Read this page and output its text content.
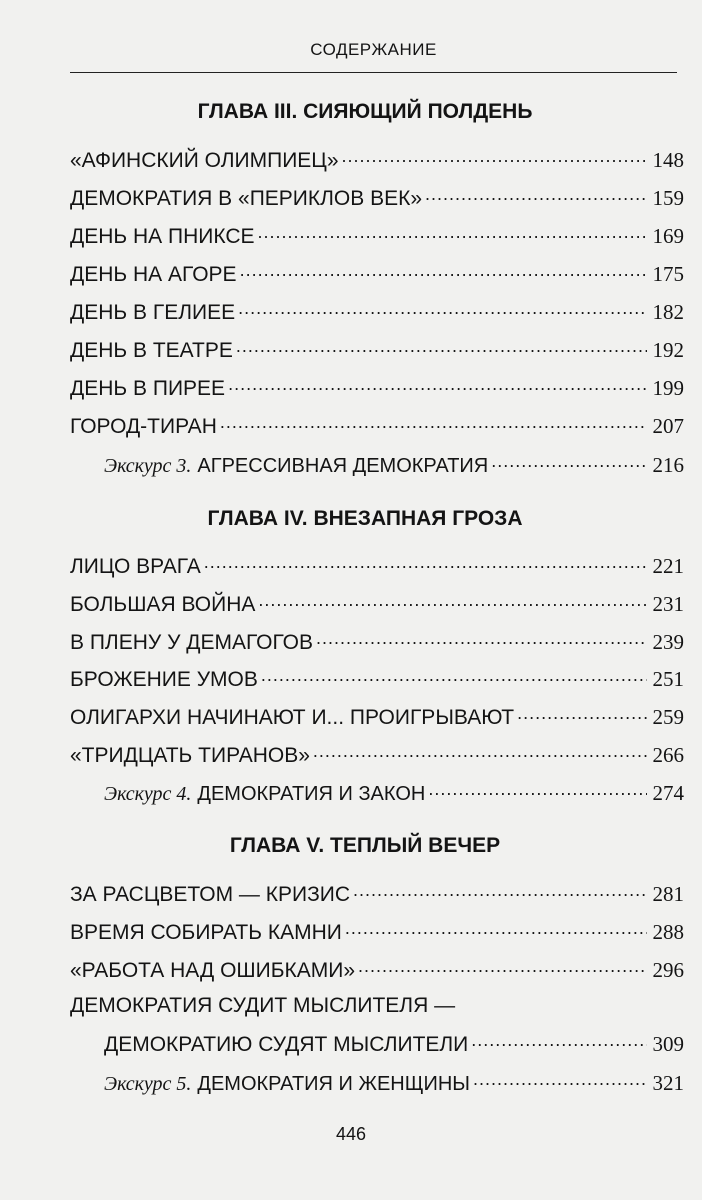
СОДЕРЖАНИЕ
ГЛАВА III. СИЯЮЩИЙ ПОЛДЕНЬ
«АФИНСКИЙ ОЛИМПИЕЦ» .....	148
ДЕМОКРАТИЯ В «ПЕРИКЛОВ ВЕК» .....	159
ДЕНЬ НА ПНИКСЕ .....	169
ДЕНЬ НА АГОРЕ .....	175
ДЕНЬ В ГЕЛИЕЕ .....	182
ДЕНЬ В ТЕАТРЕ .....	192
ДЕНЬ В ПИРЕЕ .....	199
ГОРОД-ТИРАН .....	207
Экскурс 3. АГРЕССИВНАЯ ДЕМОКРАТИЯ .....	216
ГЛАВА IV. ВНЕЗАПНАЯ ГРОЗА
ЛИЦО ВРАГА .....	221
БОЛЬШАЯ ВОЙНА .....	231
В ПЛЕНУ У ДЕМАГОГОВ .....	239
БРОЖЕНИЕ УМОВ .....	251
ОЛИГАРХИ НАЧИНАЮТ И... ПРОИГРЫВАЮТ .....	259
«ТРИДЦАТЬ ТИРАНОВ» .....	266
Экскурс 4. ДЕМОКРАТИЯ И ЗАКОН .....	274
ГЛАВА V. ТЕПЛЫЙ ВЕЧЕР
ЗА РАСЦВЕТОМ — КРИЗИС .....	281
ВРЕМЯ СОБИРАТЬ КАМНИ .....	288
«РАБОТА НАД ОШИБКАМИ» .....	296
ДЕМОКРАТИЯ СУДИТ МЫСЛИТЕЛЯ —
ДЕМОКРАТИЮ СУДЯТ МЫСЛИТЕЛИ .....	309
Экскурс 5. ДЕМОКРАТИЯ И ЖЕНЩИНЫ .....	321
446
